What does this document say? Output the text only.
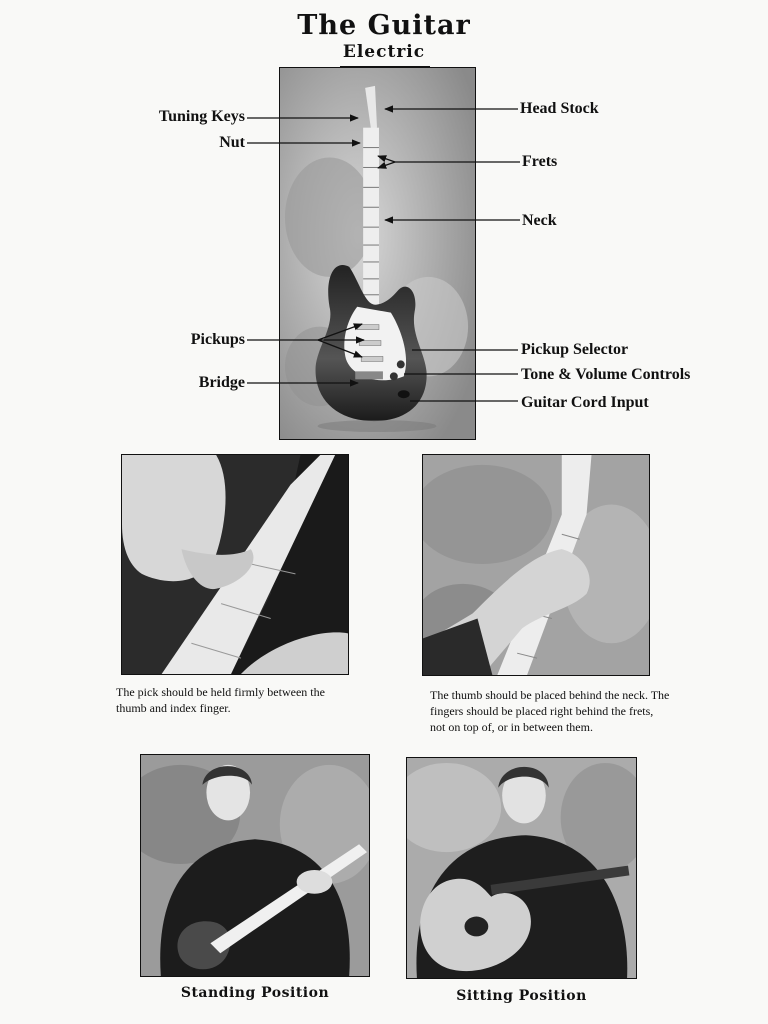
The Guitar
Electric
Tuning Keys
Nut
Pickups
Bridge
Head Stock
Frets
Neck
Pickup Selector
Tone & Volume Controls
Guitar Cord Input
The pick should be held firmly between the thumb and index finger.
The thumb should be placed behind the neck. The fingers should be placed right behind the frets, not on top of, or in between them.
Standing Position	Sitting Position
